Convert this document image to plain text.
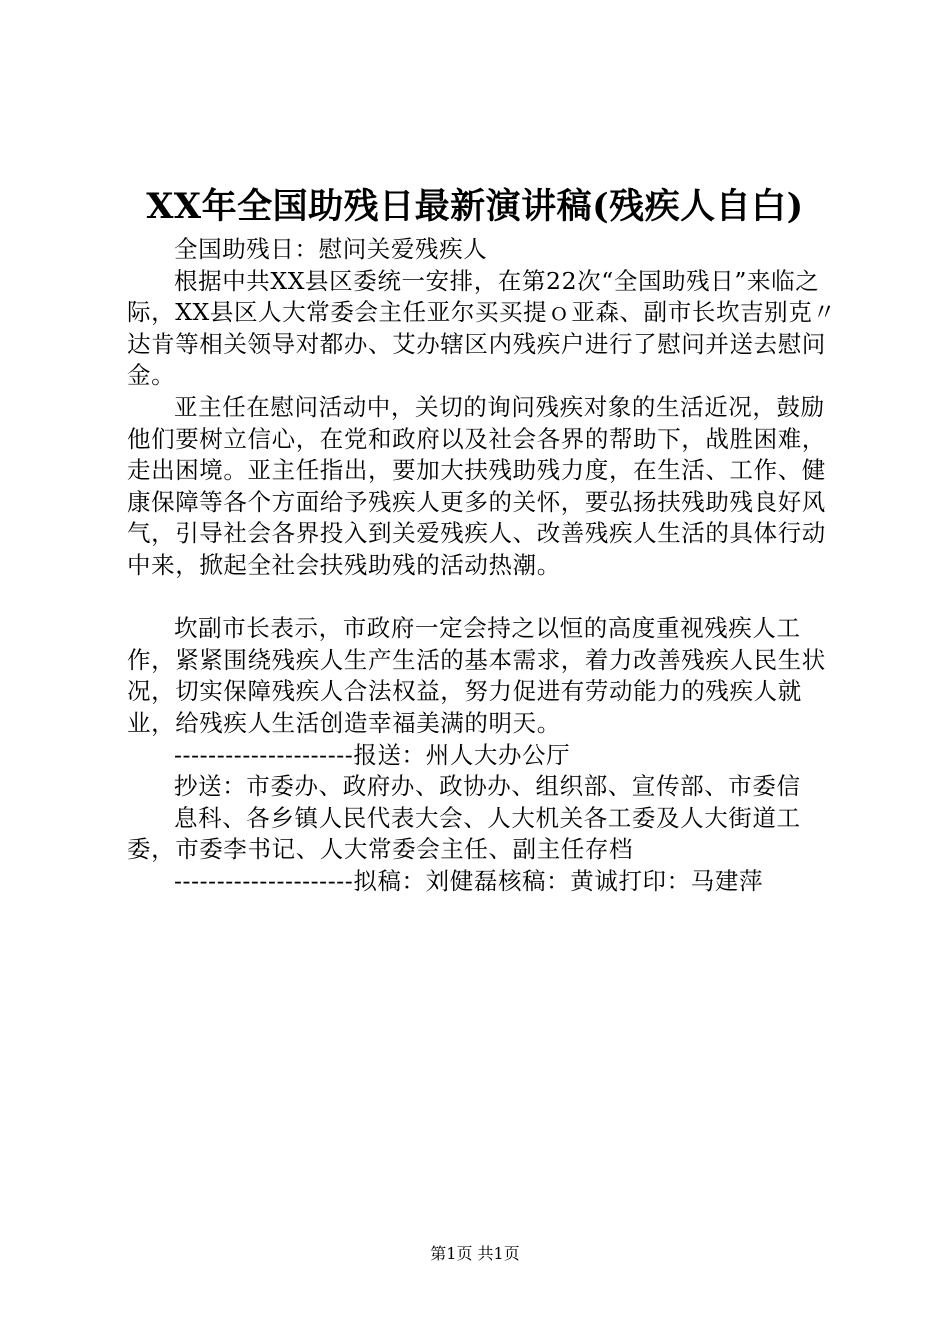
XX年全国助残日最新演讲稿(残疾人自白)

全国助残日：慰问关爱残疾人

根据中共XX县区委统一安排，在第22次“全国助残日”来临之际，XX县区人大常委会主任亚尔买买提ｏ亚森、副市长坎吉别克〃达肯等相关领导对都办、艾办辖区内残疾户进行了慰问并送去慰问金。

亚主任在慰问活动中，关切的询问残疾对象的生活近况，鼓励他们要树立信心，在党和政府以及社会各界的帮助下，战胜困难，走出困境。亚主任指出，要加大扶残助残力度，在生活、工作、健康保障等各个方面给予残疾人更多的关怀，要弘扬扶残助残良好风气，引导社会各界投入到关爱残疾人、改善残疾人生活的具体行动中来，掀起全社会扶残助残的活动热潮。

坎副市长表示，市政府一定会持之以恒的高度重视残疾人工作，紧紧围绕残疾人生产生活的基本需求，着力改善残疾人民生状况，切实保障残疾人合法权益，努力促进有劳动能力的残疾人就业，给残疾人生活创造幸福美满的明天。

---------------------报送：州人大办公厅

抄送：市委办、政府办、政协办、组织部、宣传部、市委信

息科、各乡镇人民代表大会、人大机关各工委及人大街道工委，市委李书记、人大常委会主任、副主任存档

---------------------拟稿：刘健磊核稿：黄诚打印：马建萍

第1页 共1页
